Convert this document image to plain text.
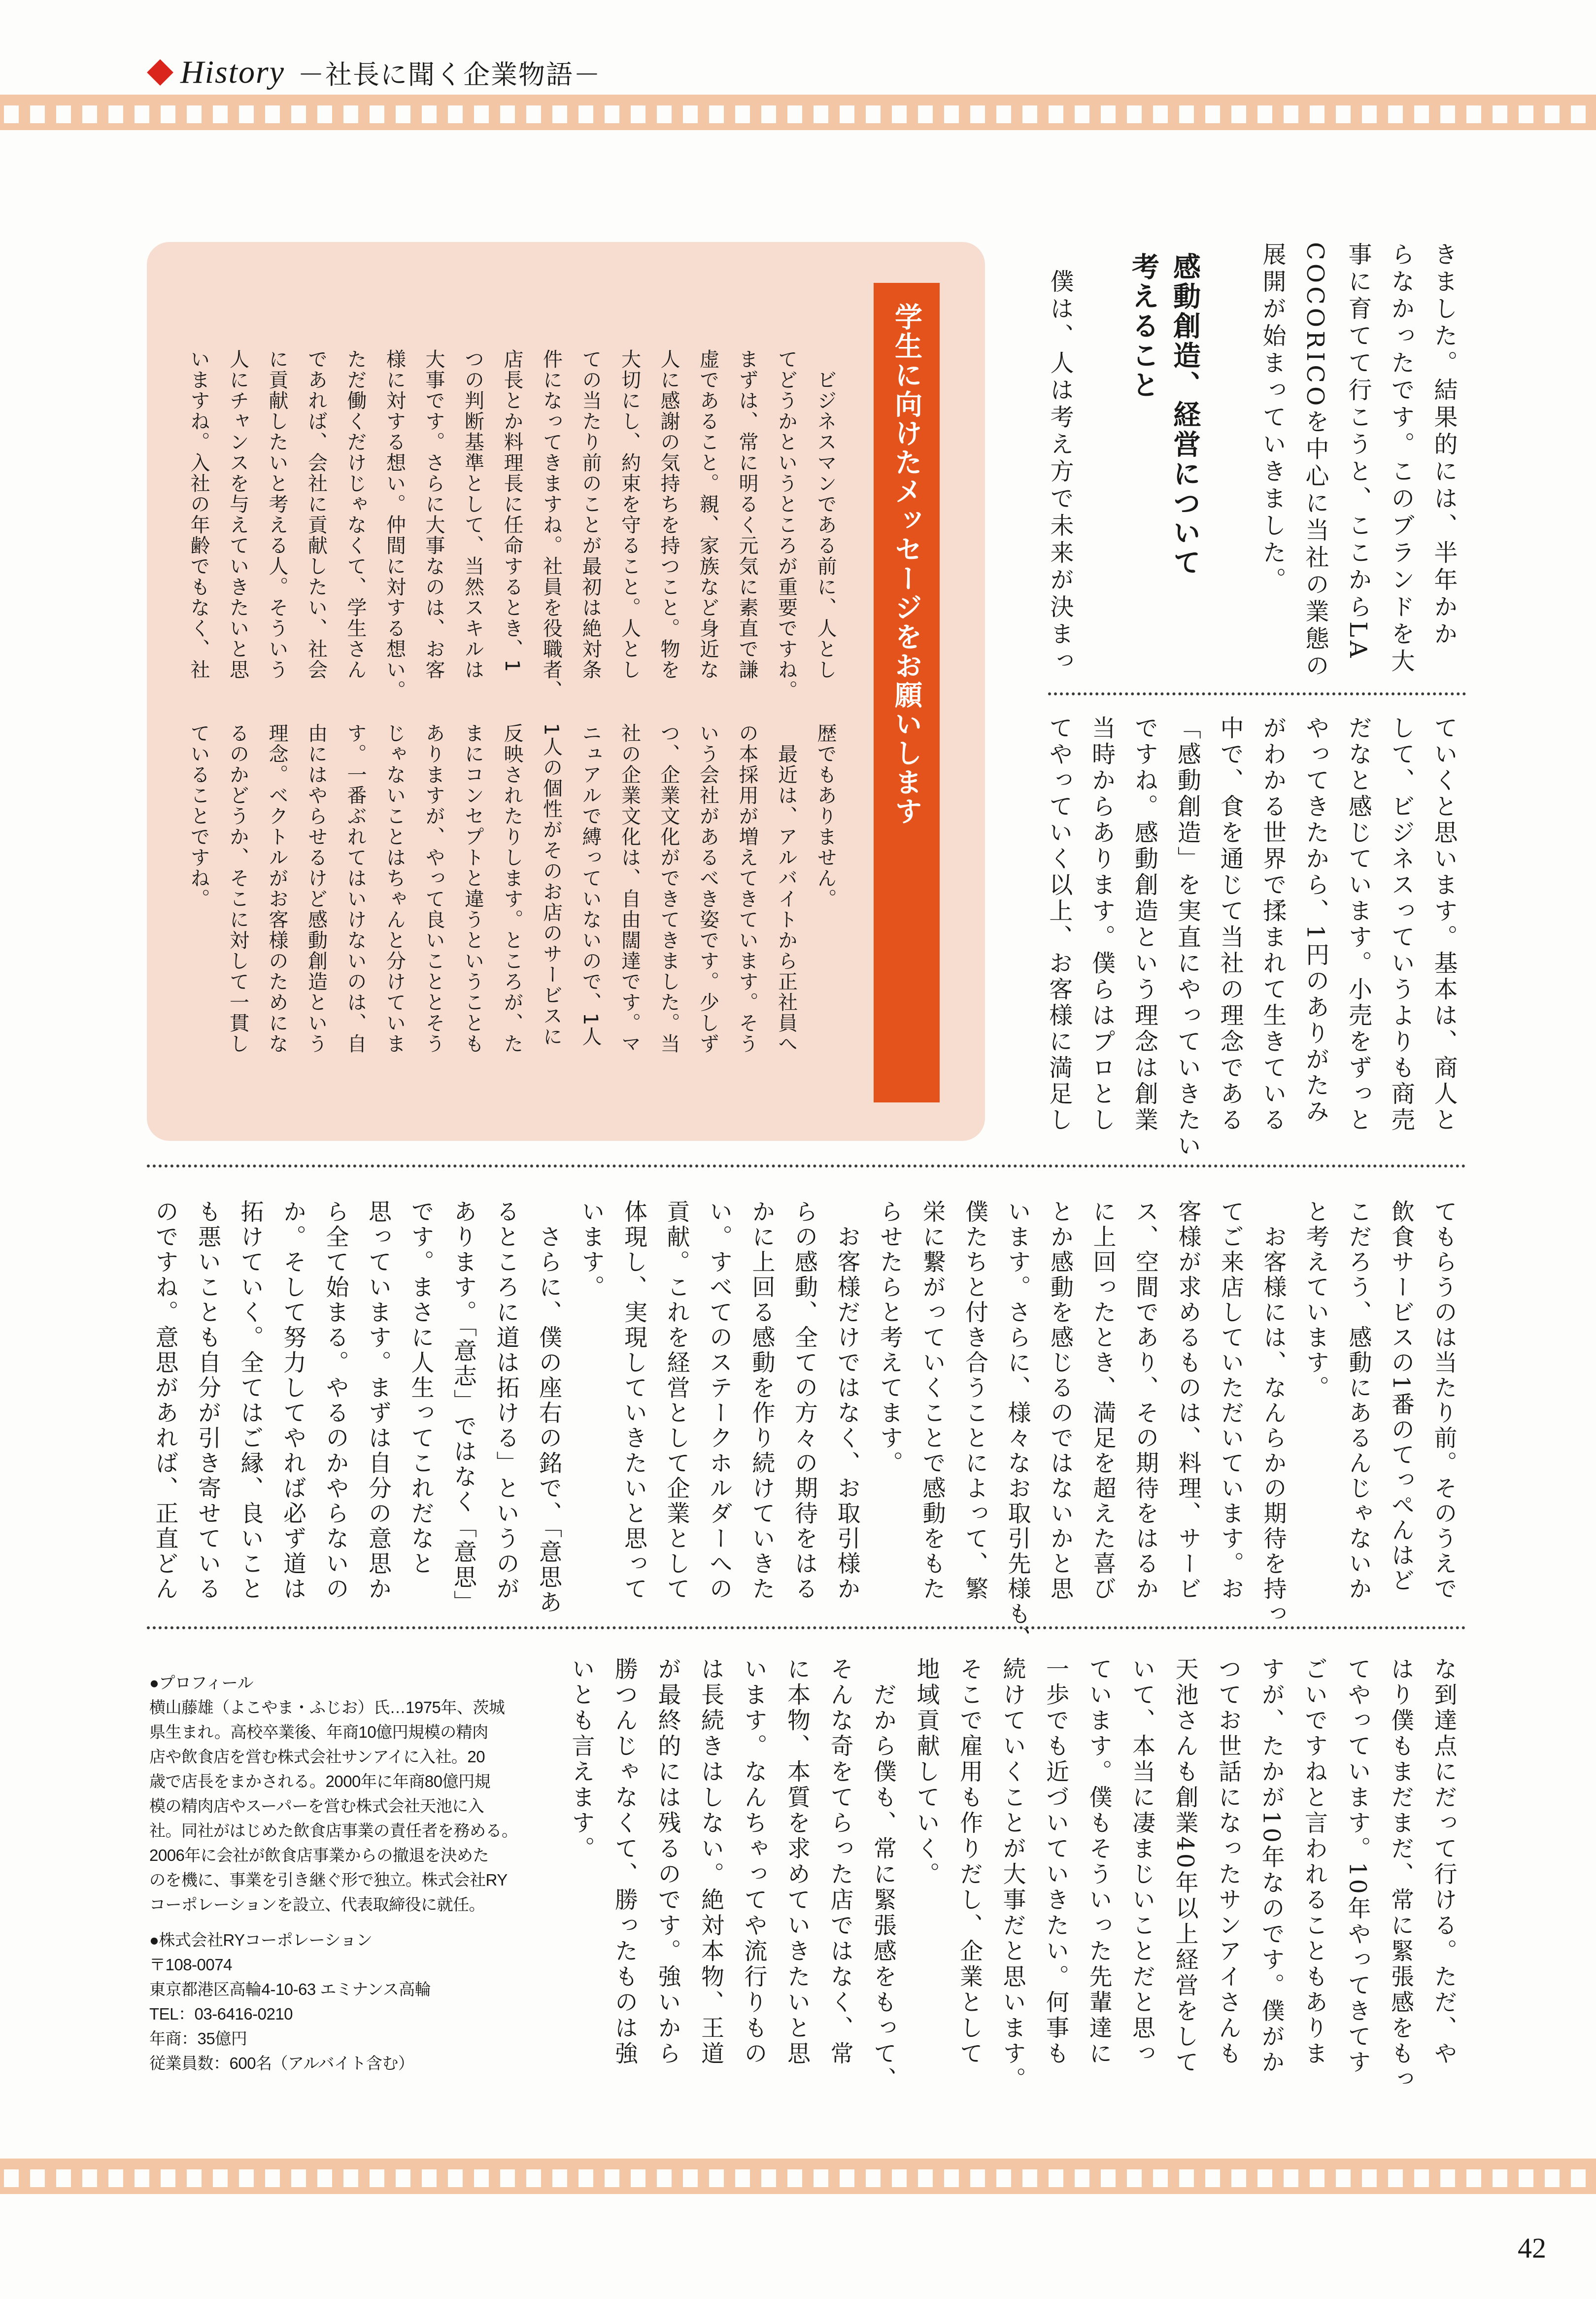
History －社長に聞く企業物語－
学生に向けたメッセージをお願いします	きました。結果的には、半年かか
らなかったです。このブランドを大
事に育てて行こうと、ここからLA
COCORICOを中心に当社の業態の
展開が始まっていきました。
感動創造、経営について
考えること
　僕は、人は考え方で未来が決まっ
ていくと思います。基本は、商人と
して、ビジネスっていうよりも商売
だなと感じています。小売をずっと
やってきたから、1円のありがたみ
がわかる世界で揉まれて生きている
中で、食を通じて当社の理念である
「感動創造」を実直にやっていきたい
ですね。感動創造という理念は創業
当時からあります。僕らはプロとし
てやっていく以上、お客様に満足し
てもらうのは当たり前。そのうえで
飲食サービスの1番のてっぺんはど
こだろう、感動にあるんじゃないか
と考えています。
　お客様には、なんらかの期待を持っ
てご来店していただいています。お
客様が求めるものは、料理、サービ
ス、空間であり、その期待をはるか
に上回ったとき、満足を超えた喜び
とか感動を感じるのではないかと思
います。さらに、様々なお取引先様も、
僕たちと付き合うことによって、繁
栄に繋がっていくことで感動をもた
らせたらと考えてます。
　お客様だけではなく、お取引様か
らの感動、全ての方々の期待をはる
かに上回る感動を作り続けていきた
い。すべてのステークホルダーへの
貢献。これを経営として企業として
体現し、実現していきたいと思って
います。
　さらに、僕の座右の銘で、「意思あ
るところに道は拓ける」というのが
あります。「意志」ではなく「意思」
です。まさに人生ってこれだなと
思っています。まずは自分の意思か
ら全て始まる。やるのかやらないの
か。そして努力してやれば必ず道は
拓けていく。全てはご縁、良いこと
も悪いことも自分が引き寄せている
のですね。意思があれば、正直どん
な到達点にだって行ける。ただ、や
はり僕もまだまだ、常に緊張感をもっ
てやっています。10年やってきてす
ごいですねと言われることもありま
すが、たかが10年なのです。僕がか
つてお世話になったサンアイさんも
天池さんも創業40年以上経営をして
いて、本当に凄まじいことだと思っ
ています。僕もそういった先輩達に
一歩でも近づいていきたい。何事も
続けていくことが大事だと思います。
そこで雇用も作りだし、企業として
地域貢献していく。
　だから僕も、常に緊張感をもって、
そんな奇をてらった店ではなく、常
に本物、本質を求めていきたいと思
います。なんちゃってや流行りもの
は長続きはしない。絶対本物、王道
が最終的には残るのです。強いから
勝つんじゃなくて、勝ったものは強
いとも言えます。
　ビジネスマンである前に、人とし
てどうかというところが重要ですね。
まずは、常に明るく元気に素直で謙
虚であること。親、家族など身近な
人に感謝の気持ちを持つこと。物を
大切にし、約束を守ること。人とし
ての当たり前のことが最初は絶対条
件になってきますね。社員を役職者、
店長とか料理長に任命するとき、1
つの判断基準として、当然スキルは
大事です。さらに大事なのは、お客
様に対する想い。仲間に対する想い。
ただ働くだけじゃなくて、学生さん
であれば、会社に貢献したい、社会
に貢献したいと考える人。そういう
人にチャンスを与えていきたいと思
いますね。入社の年齢でもなく、社
歴でもありません。
　最近は、アルバイトから正社員へ
の本採用が増えてきています。そう
いう会社があるべき姿です。少しず
つ、企業文化ができてきました。当
社の企業文化は、自由闊達です。マ
ニュアルで縛っていないので、1人
1人の個性がそのお店のサービスに
反映されたりします。ところが、た
まにコンセプトと違うということも
ありますが、やって良いこととそう
じゃないことはちゃんと分けていま
す。一番ぶれてはいけないのは、自
由にはやらせるけど感動創造という
理念。ベクトルがお客様のためにな
るのかどうか、そこに対して一貫し
ていることですね。
●プロフィール
横山藤雄（よこやま・ふじお）氏…1975年、茨城
県生まれ。高校卒業後、年商10億円規模の精肉
店や飲食店を営む株式会社サンアイに入社。20
歳で店長をまかされる。2000年に年商80億円規
模の精肉店やスーパーを営む株式会社天池に入
社。同社がはじめた飲食店事業の責任者を務める。
2006年に会社が飲食店事業からの撤退を決めた
のを機に、事業を引き継ぐ形で独立。株式会社RY
コーポレーションを設立、代表取締役に就任。
●株式会社RYコーポレーション
〒108-0074
東京都港区高輪4-10-63 エミナンス高輪
TEL：03-6416-0210
年商：35億円
従業員数：600名（アルバイト含む）
42
